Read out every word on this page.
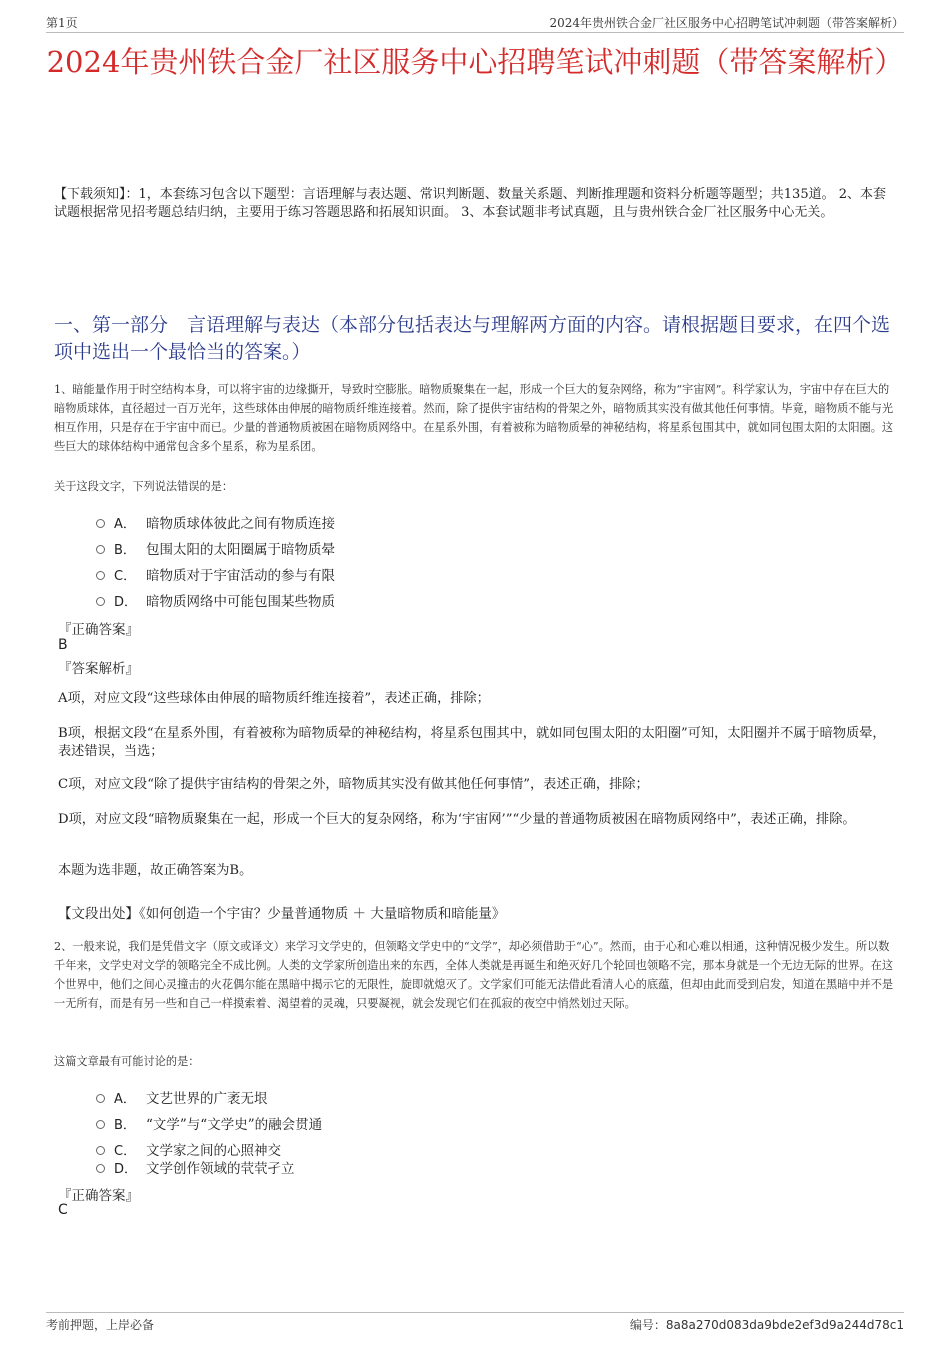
第1页	2024年贵州铁合金厂社区服务中心招聘笔试冲刺题（带答案解析）
2024年贵州铁合金厂社区服务中心招聘笔试冲刺题（带答案解析）
【下载须知】：1，本套练习包含以下题型：言语理解与表达题、常识判断题、数量关系题、判断推理题和资料分析题等题型；共135道。 2、本套试题根据常见招考题总结归纳，主要用于练习答题思路和拓展知识面。 3、本套试题非考试真题，且与贵州铁合金厂社区服务中心无关。
一、第一部分　言语理解与表达（本部分包括表达与理解两方面的内容。请根据题目要求，在四个选项中选出一个最恰当的答案。）
1、暗能量作用于时空结构本身，可以将宇宙的边缘撕开，导致时空膨胀。暗物质聚集在一起，形成一个巨大的复杂网络，称为“宇宙网”。科学家认为，宇宙中存在巨大的暗物质球体，直径超过一百万光年，这些球体由伸展的暗物质纤维连接着。然而，除了提供宇宙结构的骨架之外，暗物质其实没有做其他任何事情。毕竟，暗物质不能与光相互作用，只是存在于宇宙中而已。少量的普通物质被困在暗物质网络中。在星系外围，有着被称为暗物质晕的神秘结构，将星系包围其中，就如同包围太阳的太阳圈。这些巨大的球体结构中通常包含多个星系，称为星系团。
关于这段文字，下列说法错误的是：
A． 暗物质球体彼此之间有物质连接
B． 包围太阳的太阳圈属于暗物质晕
C． 暗物质对于宇宙活动的参与有限
D． 暗物质网络中可能包围某些物质
『正确答案』
B
『答案解析』
A项，对应文段“这些球体由伸展的暗物质纤维连接着”，表述正确，排除；
B项，根据文段“在星系外围，有着被称为暗物质晕的神秘结构，将星系包围其中，就如同包围太阳的太阳圈”可知，太阳圈并不属于暗物质晕，表述错误，当选；
C项，对应文段“除了提供宇宙结构的骨架之外，暗物质其实没有做其他任何事情”，表述正确，排除；
D项，对应文段“暗物质聚集在一起，形成一个巨大的复杂网络，称为‘宇宙网’”“少量的普通物质被困在暗物质网络中”，表述正确，排除。
本题为选非题，故正确答案为B。
【文段出处】《如何创造一个宇宙？少量普通物质 ＋ 大量暗物质和暗能量》
2、一般来说，我们是凭借文字（原文或译文）来学习文学史的，但领略文学史中的“文学”，却必须借助于“心”。然而，由于心和心难以相通，这种情况极少发生。所以数千年来，文学史对文学的领略完全不成比例。人类的文学家所创造出来的东西，全体人类就是再诞生和绝灭好几个轮回也领略不完，那本身就是一个无边无际的世界。在这个世界中，他们之间心灵撞击的火花偶尔能在黑暗中揭示它的无限性，旋即就熄灭了。文学家们可能无法借此看清人心的底蕴，但却由此而受到启发，知道在黑暗中并不是一无所有，而是有另一些和自己一样摸索着、渴望着的灵魂，只要凝视，就会发现它们在孤寂的夜空中悄然划过天际。
这篇文章最有可能讨论的是：
A． 文艺世界的广袤无垠
B． “文学”与“文学史”的融会贯通
C． 文学家之间的心照神交
D． 文学创作领域的茕茕孑立
『正确答案』
C
考前押题，上岸必备	编号：8a8a270d083da9bde2ef3d9a244d78c1
